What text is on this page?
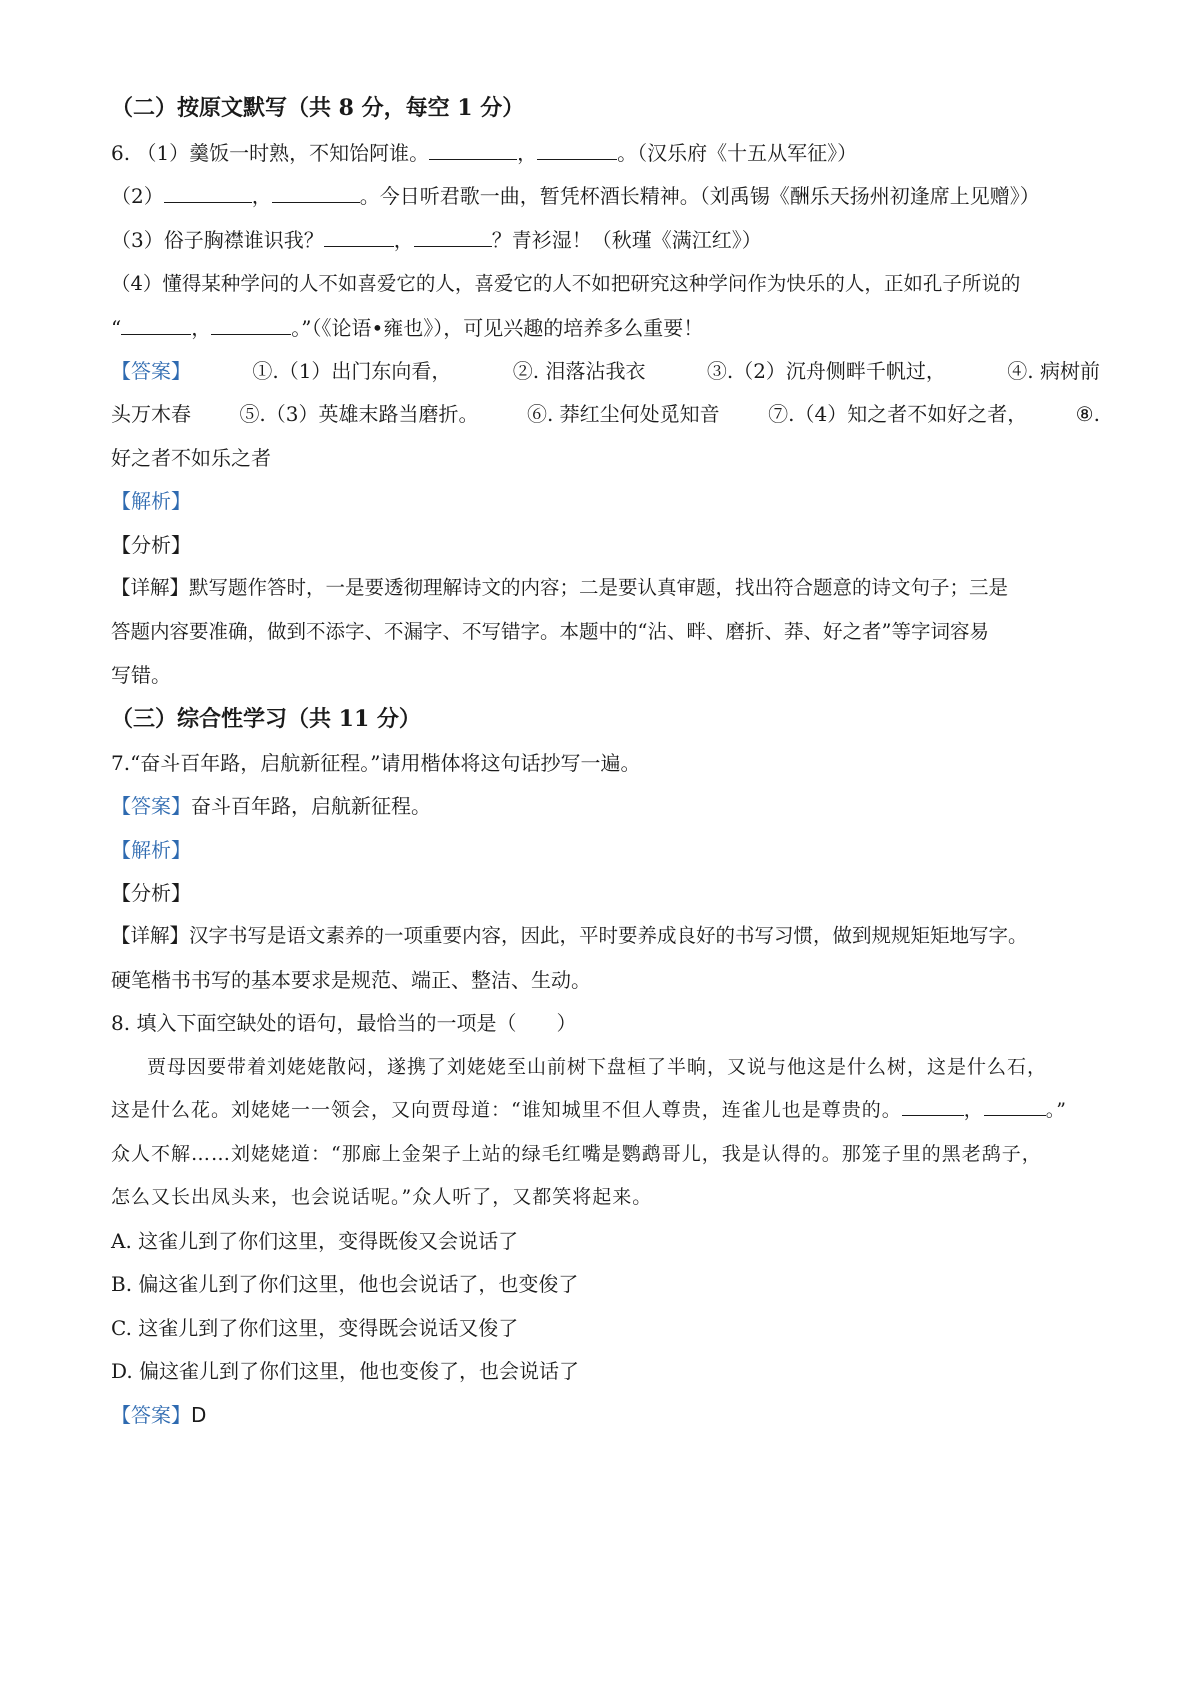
（二）按原文默写（共 8 分，每空 1 分）
6. （1）羹饭一时熟，不知饴阿谁。	，	。（汉乐府《十五从军征》）
（2）	，	。今日听君歌一曲，暂凭杯酒长精神。（刘禹锡《酬乐天扬州初逢席上见赠》）
（3）俗子胸襟谁识我？	，	？青衫湿！（秋瑾《满江红》）
（4）懂得某种学问的人不如喜爱它的人，喜爱它的人不如把研究这种学问作为快乐的人，正如孔子所说的
“	，	。”（《论语•雍也》），可见兴趣的培养多么重要！
【答案】	①.（1）出门东向看，	②. 泪落沾我衣	③.（2）沉舟侧畔千帆过，	④. 病树前
头万木春 ⑤.（3）英雄末路当磨折。 ⑥. 莽红尘何处觅知音 ⑦.（4）知之者不如好之者， ⑧.
好之者不如乐之者
【解析】
【分析】
【详解】默写题作答时，一是要透彻理解诗文的内容；二是要认真审题，找出符合题意的诗文句子；三是
答题内容要准确，做到不添字、不漏字、不写错字。本题中的“沾、畔、磨折、莽、好之者”等字词容易
写错。
（三）综合性学习（共 11 分）
7.“奋斗百年路，启航新征程。”请用楷体将这句话抄写一遍。
【答案】奋斗百年路，启航新征程。
【解析】
【分析】
【详解】汉字书写是语文素养的一项重要内容，因此，平时要养成良好的书写习惯，做到规规矩矩地写字。
硬笔楷书书写的基本要求是规范、端正、整洁、生动。
8. 填入下面空缺处的语句，最恰当的一项是（　　）
贾母因要带着刘姥姥散闷，遂携了刘姥姥至山前树下盘桓了半晌，又说与他这是什么树，这是什么石，
这是什么花。刘姥姥一一领会，又向贾母道：“谁知城里不但人尊贵，连雀儿也是尊贵的。	，	。”
众人不解……刘姥姥道：“那廊上金架子上站的绿毛红嘴是鹦鹉哥儿，我是认得的。那笼子里的黑老鸹子，
怎么又长出凤头来，也会说话呢。”众人听了，又都笑将起来。
A. 这雀儿到了你们这里，变得既俊又会说话了
B. 偏这雀儿到了你们这里，他也会说话了，也变俊了
C. 这雀儿到了你们这里，变得既会说话又俊了
D. 偏这雀儿到了你们这里，他也变俊了，也会说话了
【答案】D
